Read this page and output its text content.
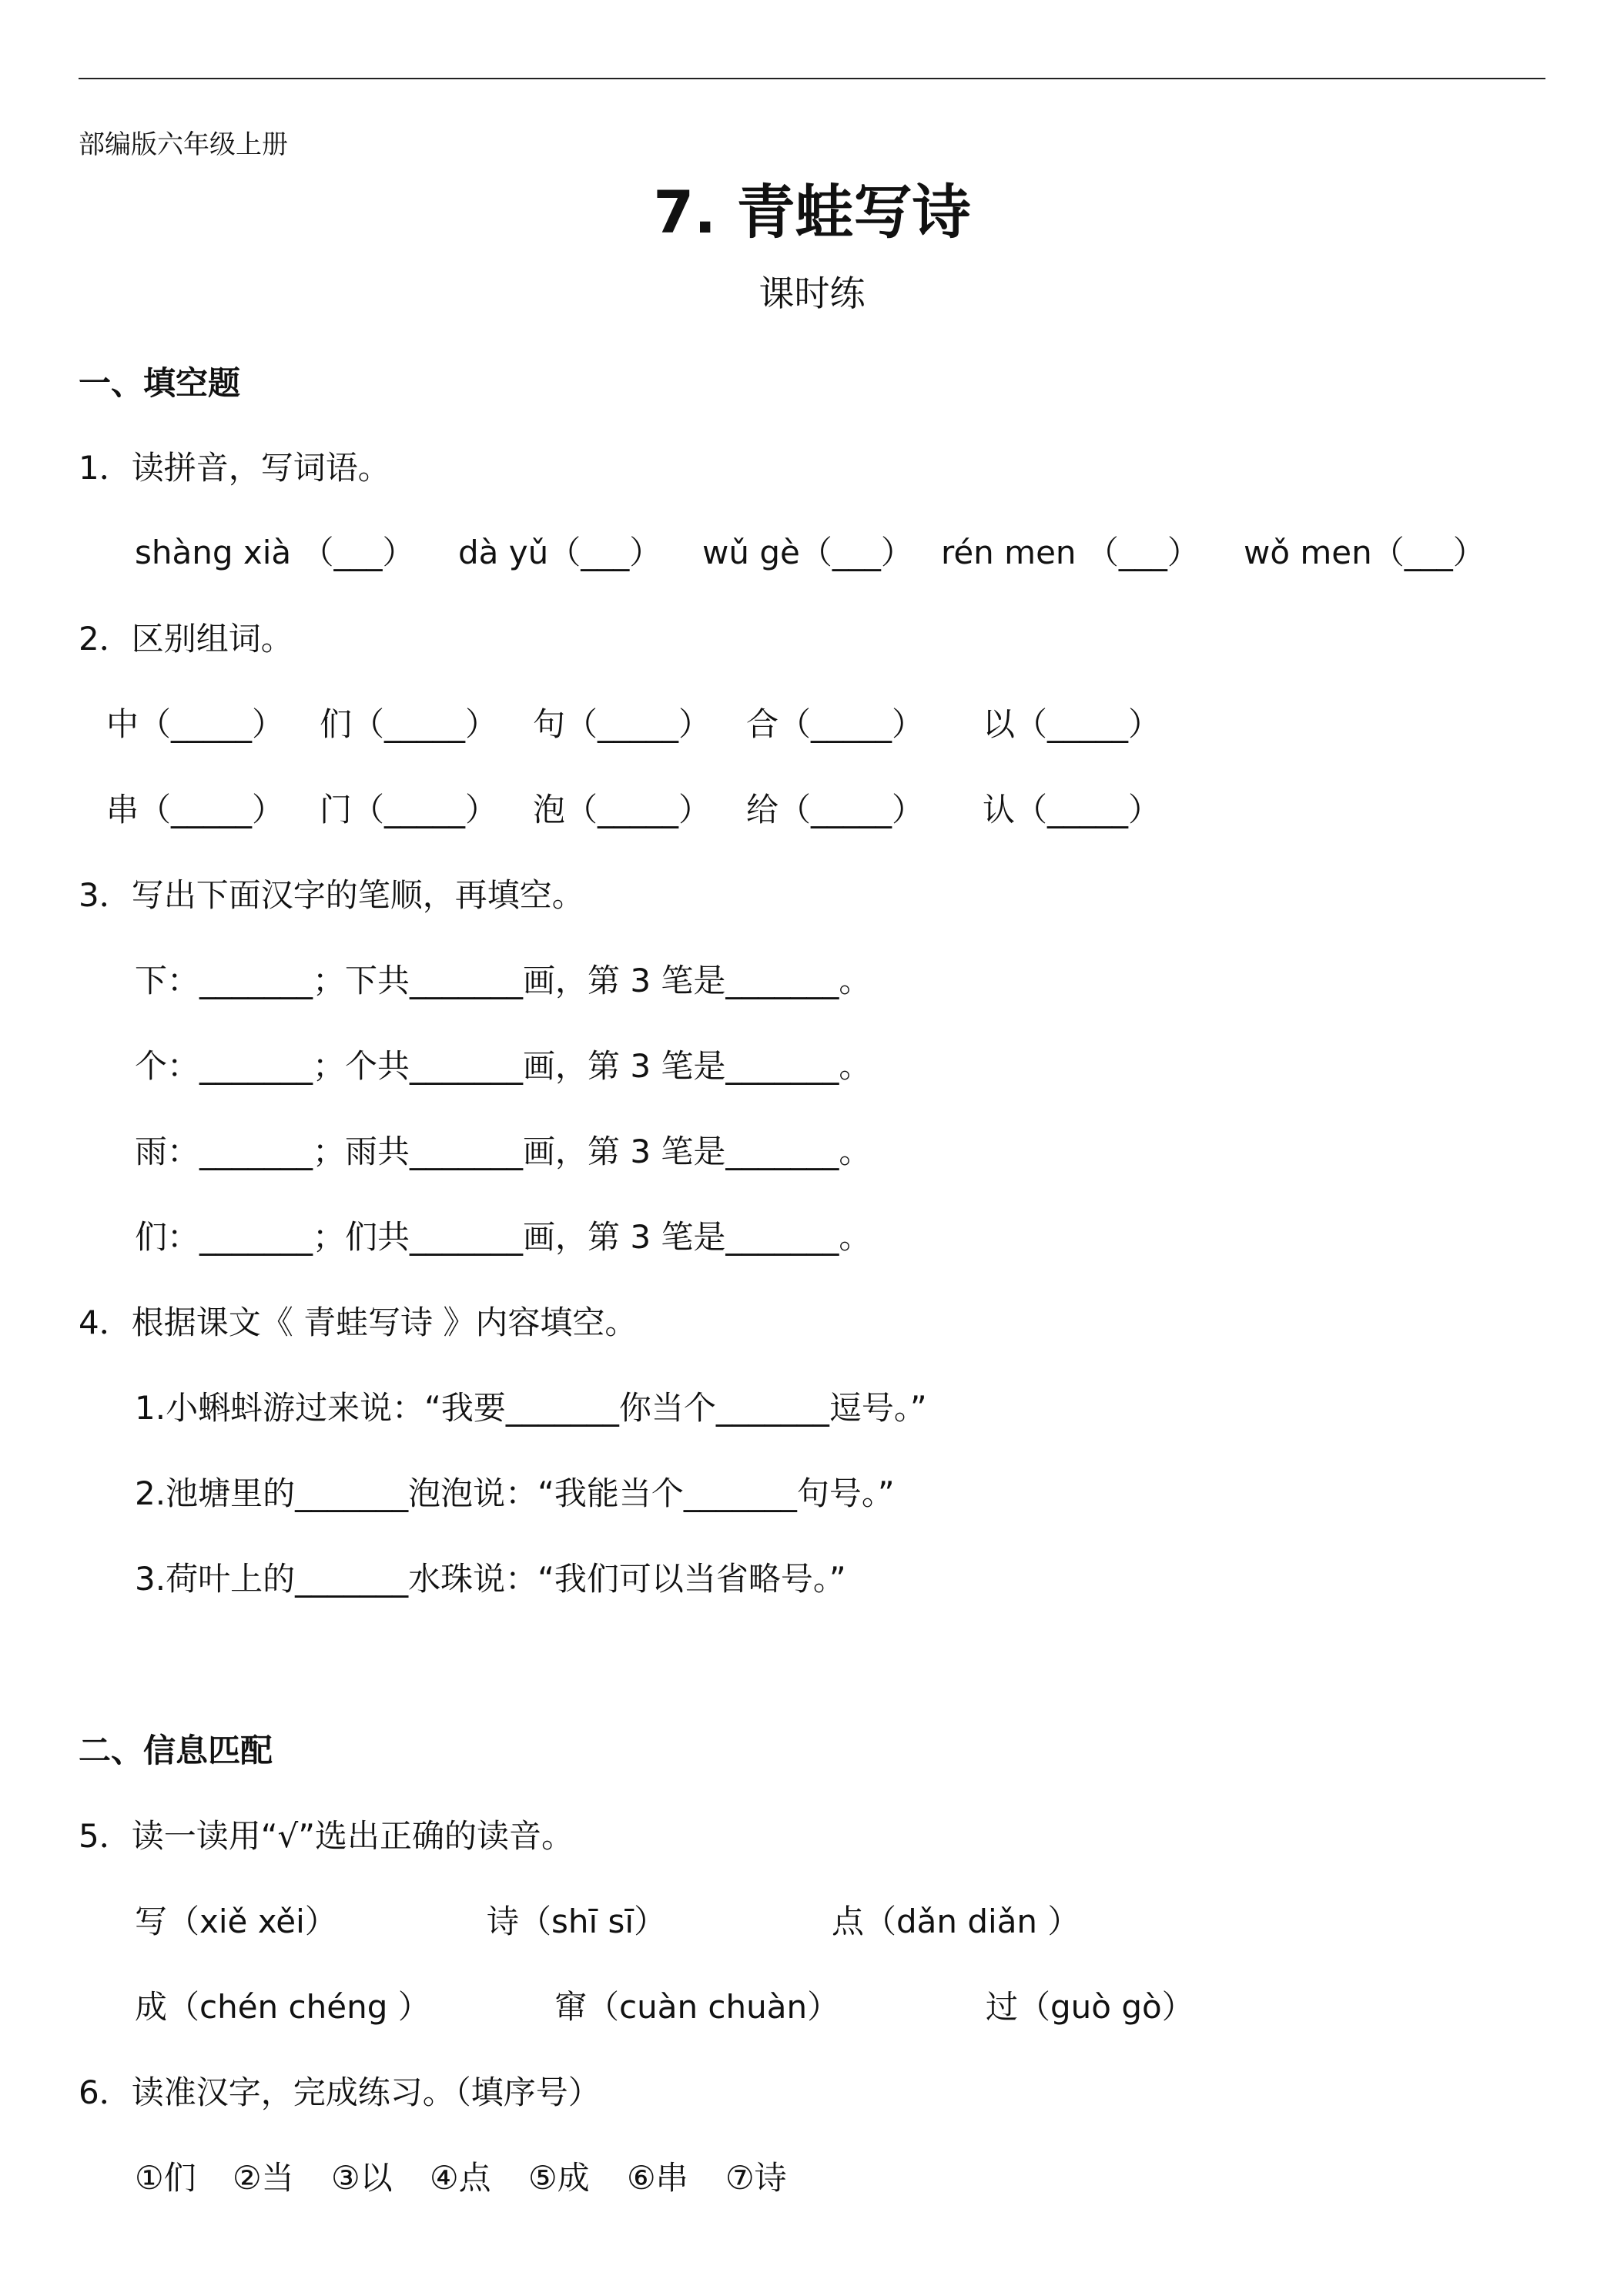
部编版六年级上册
7. 青蛙写诗
课时练
一、填空题
1．读拼音，写词语。
shàng xià （___） dà yǔ（___） wǔ gè（___） rén men （___） wǒ men（___）
2．区别组词。
中（_____） 们（_____） 句（_____） 合（_____） 以（_____）
串（_____） 门（_____） 泡（_____） 给（_____） 认（_____）
3．写出下面汉字的笔顺，再填空。
下：_______；下共_______画，第 3 笔是_______。
个：_______；个共_______画，第 3 笔是_______。
雨：_______；雨共_______画，第 3 笔是_______。
们：_______；们共_______画，第 3 笔是_______。
4．根据课文《 青蛙写诗 》内容填空。
1.小蝌蚪游过来说：“我要_______你当个_______逗号。”
2.池塘里的_______泡泡说：“我能当个_______句号。”
3.荷叶上的_______水珠说：“我们可以当省略号。”
二、信息匹配
5．读一读用“√”选出正确的读音。
写（xiě xěi）	诗（shī sī）	点（dǎn diǎn ）
成（chén chéng ）	窜（cuàn chuàn）	过（guò gò）
6．读准汉字，完成练习。（填序号）
①们 ②当 ③以 ④点 ⑤成 ⑥串 ⑦诗
